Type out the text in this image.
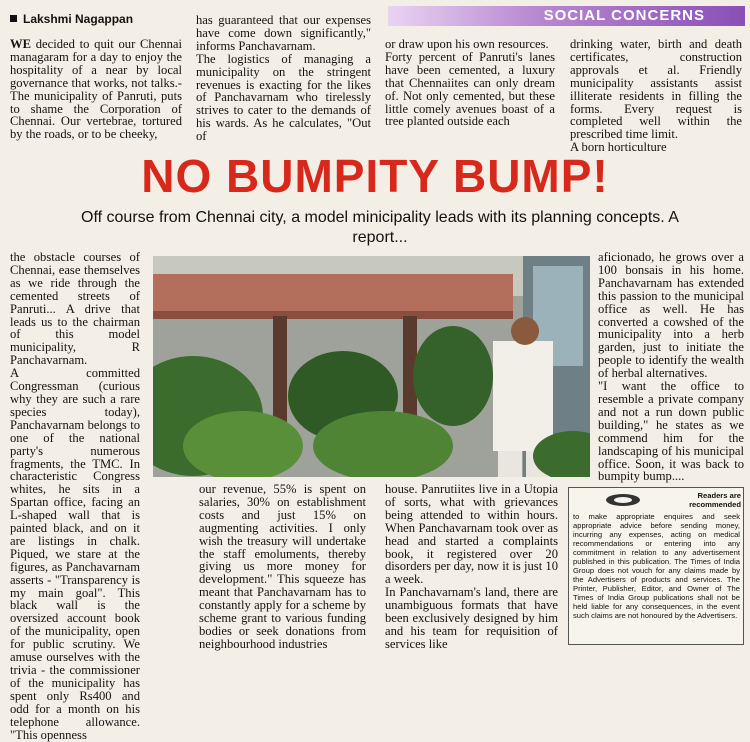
Lakshmi Nagappan	SOCIAL CONCERNS

WE decided to quit our Chennai managaram for a day to enjoy the hospitality of a near by local governance that works, not talks.- The municipality of Panruti, puts to shame the Corporation of Chennai. Our vertebrae, tortured by the roads, or to be cheeky,

has guaranteed that our expenses have come down significantly," informs Panchavarnam.
The logistics of managing a municipality on the stringent revenues is exacting for the likes of Panchavarnam who tirelessly strives to cater to the demands of his wards. As he calculates, "Out of

or draw upon his own resources.
Forty percent of Panruti's lanes have been cemented, a luxury that Chennaiites can only dream of. Not only cemented, but these little comely avenues boast of a tree planted outside each

drinking water, birth and death certificates, construction approvals et al. Friendly municipality assistants assist illiterate residents in filling the forms. Every request is completed well within the prescribed time limit.
A born horticulture

NO BUMPITY BUMP!
Off course from Chennai city, a model minicipality leads with its planning concepts. A report...

the obstacle courses of Chennai, ease themselves as we ride through the cemented streets of Panruti... A drive that leads us to the chairman of this model municipality, R Panchavarnam.
A committed Congressman (curious why they are such a rare species today), Panchavarnam belongs to one of the national party's numerous fragments, the TMC. In characteristic Congress whites, he sits in a Spartan office, facing an L-shaped wall that is painted black, and on it are listings in chalk. Piqued, we stare at the figures, as Panchavarnam asserts - "Transparency is my main goal". This black wall is the oversized account book of the municipality, open for public scrutiny. We amuse ourselves with the trivia - the commissioner of the municipality has spent only Rs400 and odd for a month on his telephone allowance. "This openness

aficionado, he grows over a 100 bonsais in his home. Panchavarnam has extended this passion to the municipal office as well. He has converted a cowshed of the municipality into a herb garden, just to initiate the people to identify the wealth of herbal alternatives.
"I want the office to resemble a private company and not a run down public building," he states as we commend him for the landscaping of his municipal office. Soon, it was back to bumpity bump....

our revenue, 55% is spent on salaries, 30% on establishment costs and just 15% on augmenting activities. I only wish the treasury will undertake the staff emoluments, thereby giving us more money for development." This squeeze has meant that Panchavarnam has to constantly apply for a scheme by scheme grant to various funding bodies or seek donations from neighbourhood industries

house. Panrutiites live in a Utopia of sorts, what with grievances being attended to within hours. When Panchavarnam took over as head and started a complaints book, it registered over 20 disorders per day, now it is just 10 a week.
In Panchavarnam's land, there are unambiguous formats that have been exclusively designed by him and his team for requisition of services like

Readers are recommended

to make appropriate enquires and seek appropriate advice before sending money, incurring any expenses, acting on medical recommendations or entering into any commitment in relation to any advertisement published in this publication. The Times of India Group does not vouch for any claims made by the Advertisers of products and services. The Printer, Publisher, Editor, and Owner of The Times of India Group publications shall not be held liable for any consequences, in the event such claims are not honoured by the Advertisers.
